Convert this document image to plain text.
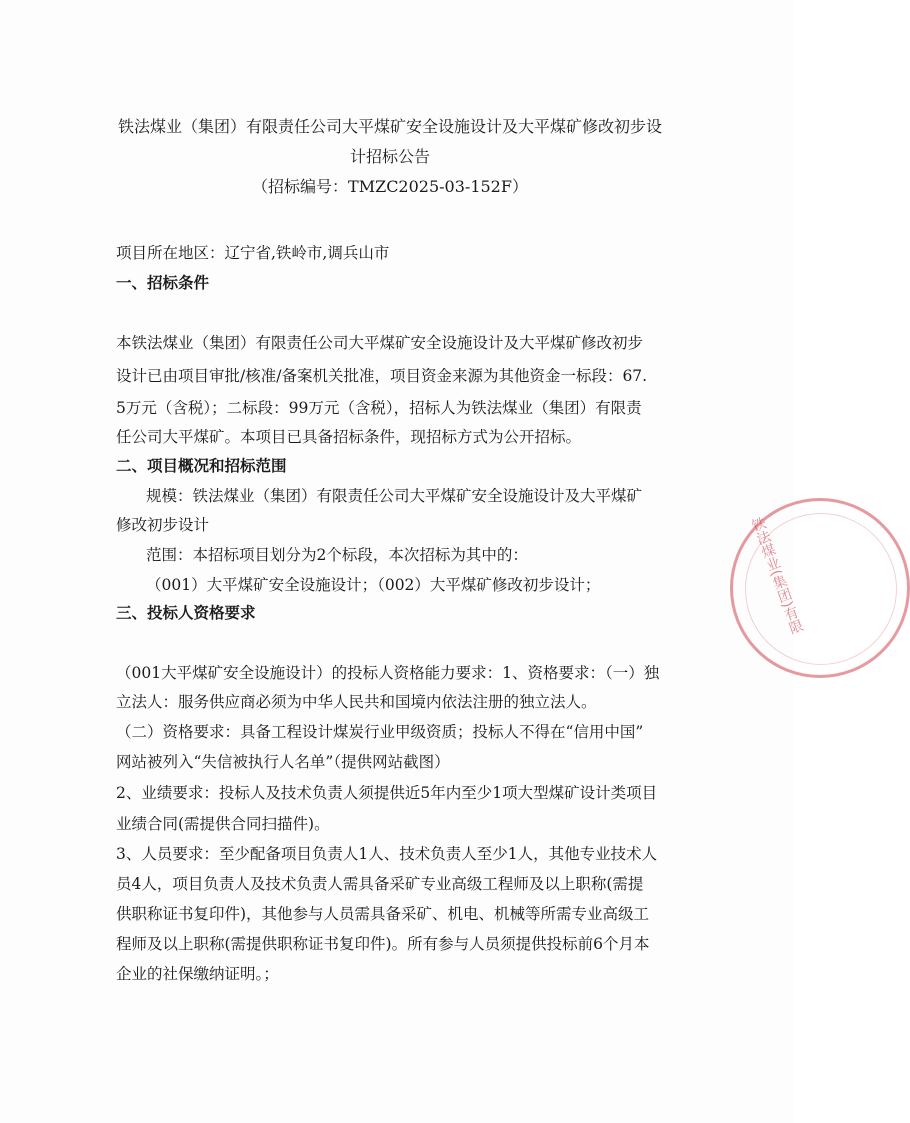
铁法煤业（集团）有限责任公司大平煤矿安全设施设计及大平煤矿修改初步设
计招标公告
（招标编号：TMZC2025-03-152F）
项目所在地区：辽宁省,铁岭市,调兵山市
一、招标条件
本铁法煤业（集团）有限责任公司大平煤矿安全设施设计及大平煤矿修改初步
设计已由项目审批/核准/备案机关批准，项目资金来源为其他资金一标段：67.
5万元（含税）；二标段：99万元（含税），招标人为铁法煤业（集团）有限责
任公司大平煤矿。本项目已具备招标条件，现招标方式为公开招标。
二、项目概况和招标范围
规模：铁法煤业（集团）有限责任公司大平煤矿安全设施设计及大平煤矿
修改初步设计
范围：本招标项目划分为2个标段，本次招标为其中的：
（001）大平煤矿安全设施设计；（002）大平煤矿修改初步设计；
三、投标人资格要求
（001大平煤矿安全设施设计）的投标人资格能力要求：1、资格要求：（一）独
立法人：服务供应商必须为中华人民共和国境内依法注册的独立法人。
（二）资格要求：具备工程设计煤炭行业甲级资质；投标人不得在“信用中国”
网站被列入“失信被执行人名单”（提供网站截图）
2、业绩要求：投标人及技术负责人须提供近5年内至少1项大型煤矿设计类项目
业绩合同(需提供合同扫描件)。
3、人员要求：至少配备项目负责人1人、技术负责人至少1人，其他专业技术人
员4人，项目负责人及技术负责人需具备采矿专业高级工程师及以上职称(需提
供职称证书复印件)，其他参与人员需具备采矿、机电、机械等所需专业高级工
程师及以上职称(需提供职称证书复印件)。所有参与人员须提供投标前6个月本
企业的社保缴纳证明。；
铁法煤业(集团)有限
